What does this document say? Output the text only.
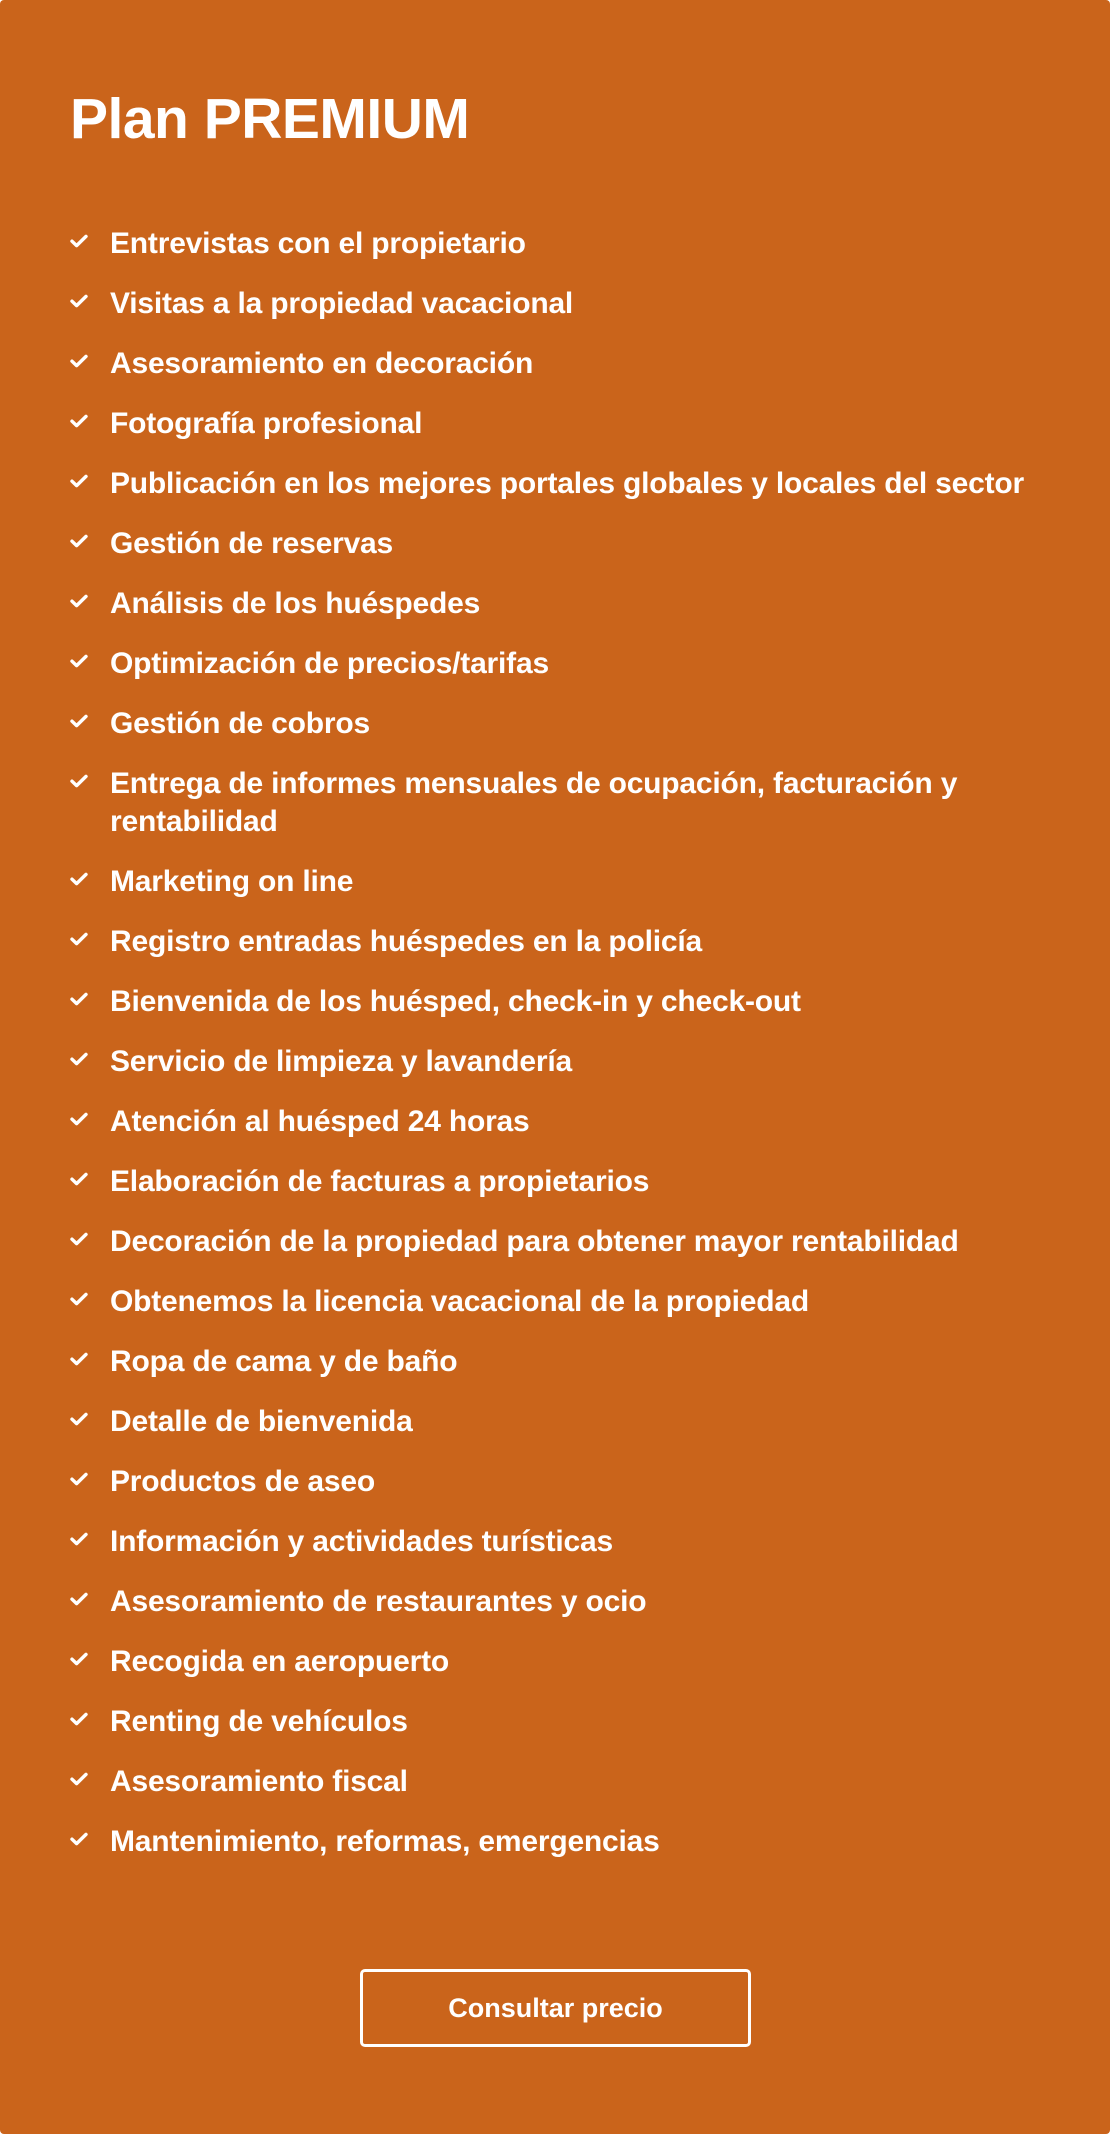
Plan PREMIUM
Entrevistas con el propietario
Visitas a la propiedad vacacional
Asesoramiento en decoración
Fotografía profesional
Publicación en los mejores portales globales y locales del sector
Gestión de reservas
Análisis de los huéspedes
Optimización de precios/tarifas
Gestión de cobros
Entrega de informes mensuales de ocupación, facturación y rentabilidad
Marketing on line
Registro entradas huéspedes en la policía
Bienvenida de los huésped, check-in y check-out
Servicio de limpieza y lavandería
Atención al huésped 24 horas
Elaboración de facturas a propietarios
Decoración de la propiedad para obtener mayor rentabilidad
Obtenemos la licencia vacacional de la propiedad
Ropa de cama y de baño
Detalle de bienvenida
Productos de aseo
Información y actividades turísticas
Asesoramiento de restaurantes y ocio
Recogida en aeropuerto
Renting de vehículos
Asesoramiento fiscal
Mantenimiento, reformas, emergencias
Consultar precio
